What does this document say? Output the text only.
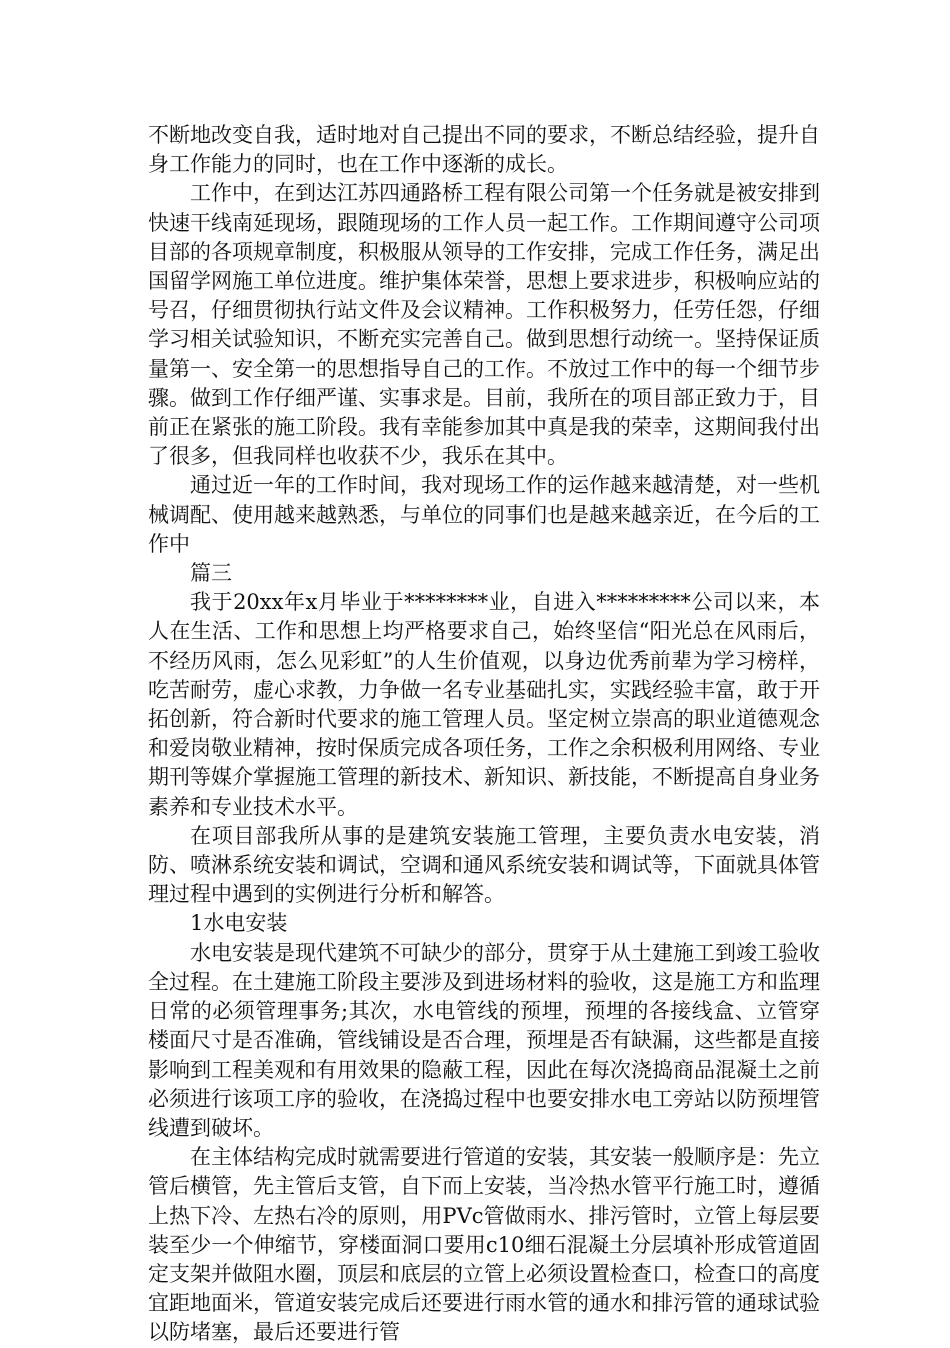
不断地改变自我，适时地对自己提出不同的要求，不断总结经验，提升自身工作能力的同时，也在工作中逐渐的成长。

工作中，在到达江苏四通路桥工程有限公司第一个任务就是被安排到快速干线南延现场，跟随现场的工作人员一起工作。工作期间遵守公司项目部的各项规章制度，积极服从领导的工作安排，完成工作任务，满足出国留学网施工单位进度。维护集体荣誉，思想上要求进步，积极响应站的号召，仔细贯彻执行站文件及会议精神。工作积极努力，任劳任怨，仔细学习相关试验知识，不断充实完善自己。做到思想行动统一。坚持保证质量第一、安全第一的思想指导自己的工作。不放过工作中的每一个细节步骤。做到工作仔细严谨、实事求是。目前，我所在的项目部正致力于，目前正在紧张的施工阶段。我有幸能参加其中真是我的荣幸，这期间我付出了很多，但我同样也收获不少，我乐在其中。

通过近一年的工作时间，我对现场工作的运作越来越清楚，对一些机械调配、使用越来越熟悉，与单位的同事们也是越来越亲近，在今后的工作中

篇三

我于20xx年x月毕业于********业，自进入*********公司以来，本人在生活、工作和思想上均严格要求自己，始终坚信“阳光总在风雨后，不经历风雨，怎么见彩虹”的人生价值观，以身边优秀前辈为学习榜样，吃苦耐劳，虚心求教，力争做一名专业基础扎实，实践经验丰富，敢于开拓创新，符合新时代要求的施工管理人员。坚定树立崇高的职业道德观念和爱岗敬业精神，按时保质完成各项任务，工作之余积极利用网络、专业期刊等媒介掌握施工管理的新技术、新知识、新技能，不断提高自身业务素养和专业技术水平。

在项目部我所从事的是建筑安装施工管理，主要负责水电安装，消防、喷淋系统安装和调试，空调和通风系统安装和调试等，下面就具体管理过程中遇到的实例进行分析和解答。

1水电安装

水电安装是现代建筑不可缺少的部分，贯穿于从土建施工到竣工验收全过程。在土建施工阶段主要涉及到进场材料的验收，这是施工方和监理日常的必须管理事务;其次，水电管线的预埋，预埋的各接线盒、立管穿楼面尺寸是否准确，管线铺设是否合理，预埋是否有缺漏，这些都是直接影响到工程美观和有用效果的隐蔽工程，因此在每次浇捣商品混凝土之前必须进行该项工序的验收，在浇捣过程中也要安排水电工旁站以防预埋管线遭到破坏。

在主体结构完成时就需要进行管道的安装，其安装一般顺序是：先立管后横管，先主管后支管，自下而上安装，当冷热水管平行施工时，遵循上热下冷、左热右冷的原则，用PVc管做雨水、排污管时，立管上每层要装至少一个伸缩节，穿楼面洞口要用c10细石混凝土分层填补形成管道固定支架并做阻水圈，顶层和底层的立管上必须设置检查口，检查口的高度宜距地面米，管道安装完成后还要进行雨水管的通水和排污管的通球试验以防堵塞，最后还要进行管
